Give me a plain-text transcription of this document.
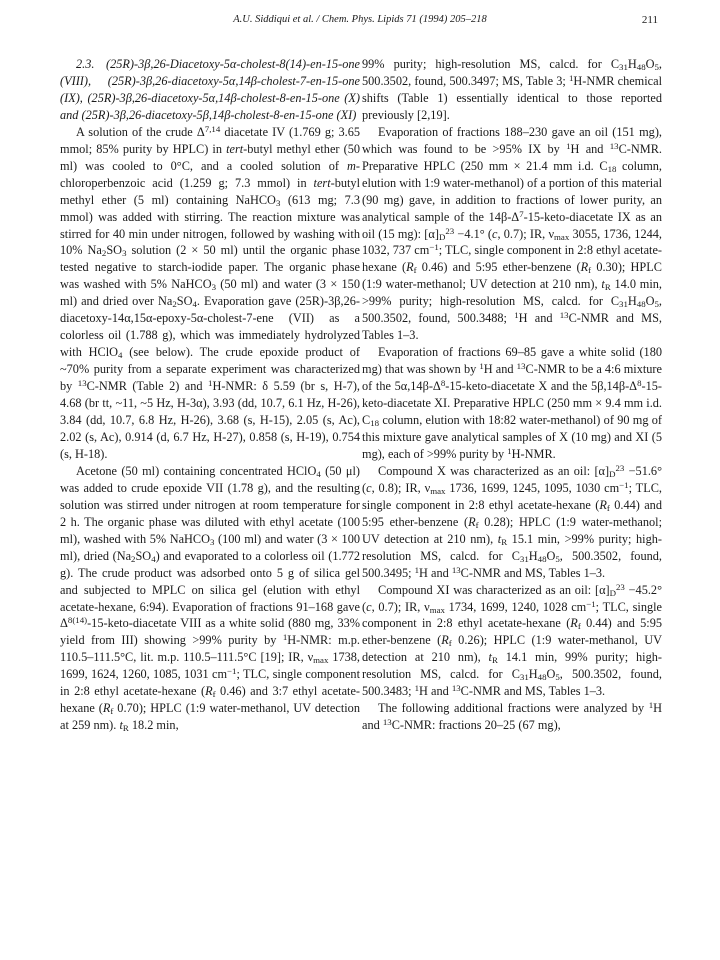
A.U. Siddiqui et al. / Chem. Phys. Lipids 71 (1994) 205–218	211

2.3. (25R)-3β,26-Diacetoxy-5α-cholest-8(14)-en-15-one (VIII), (25R)-3β,26-diacetoxy-5α,14β-cholest-7-en-15-one (IX), (25R)-3β,26-diacetoxy-5α,14β-cholest-8-en-15-one (X) and (25R)-3β,26-diacetoxy-5β,14β-cholest-8-en-15-one (XI)

A solution of the crude Δ$^{7,14}$ diacetate IV (1.769 g; 3.65 mmol; 85% purity by HPLC) in tert-butyl methyl ether (50 ml) was cooled to 0°C, and a cooled solution of m-chloroperbenzoic acid (1.259 g; 7.3 mmol) in tert-butyl methyl ether (5 ml) containing NaHCO$_3$ (613 mg; 7.3 mmol) was added with stirring. The reaction mixture was stirred for 40 min under nitrogen, followed by washing with 10% $Na_2SO_3$ solution (2 × 50 ml) until the organic phase tested negative to starch-iodide paper. The organic phase was washed with 5% NaHCO$_3$ (50 ml) and water (3 × 150 ml) and dried over $Na_2SO_4$. Evaporation gave (25R)-3β,26-diacetoxy-14α,15α-epoxy-5α-cholest-7-ene (VII) as a colorless oil (1.788 g), which was immediately hydrolyzed with HClO$_4$ (see below). The crude epoxide product of ~70% purity from a separate experiment was characterized by $^{13}$C-NMR (Table 2) and $^1$H-NMR: δ 5.59 (br s, H-7), 4.68 (br tt, ~11, ~5 Hz, H-3α), 3.93 (dd, 10.7, 6.1 Hz, H-26), 3.84 (dd, 10.7, 6.8 Hz, H-26), 3.68 (s, H-15), 2.05 (s, Ac), 2.02 (s, Ac), 0.914 (d, 6.7 Hz, H-27), 0.858 (s, H-19), 0.754 (s, H-18).

Acetone (50 ml) containing concentrated HClO$_4$ (50 μl) was added to crude epoxide VII (1.78 g), and the resulting solution was stirred under nitrogen at room temperature for 2 h. The organic phase was diluted with ethyl acetate (100 ml), washed with 5% NaHCO$_3$ (100 ml) and water (3 × 100 ml), dried $(Na_2SO_4)$ and evaporated to a colorless oil (1.772 g). The crude product was adsorbed onto 5 g of silica gel and subjected to MPLC on silica gel (elution with ethyl acetate-hexane, 6:94). Evaporation of fractions 91–168 gave $\Delta^{8(14)}-15-keto$-diacetate VIII as a white solid (880 mg, 33% yield from III) showing >99% purity by $^1$H-NMR: m.p. 110.5–111.5°C, lit. m.p. 110.5–111.5°C [19]; IR, $\nu_{max}$ 1738, 1699, 1624, 1260, 1085, 1031 $cm^{-1}$; TLC, single component in 2:8 ethyl acetate-hexane ($R_f$ 0.46) and 3:7 ethyl acetate-hexane ($R_f$ 0.70); HPLC (1:9 water-methanol, UV detection at 259 nm). $t_R$ 18.2 min,

99% purity; high-resolution MS, calcd. for $C_{31}H_{48}O_5$, 500.3502, found, 500.3497; MS, Table 3; $^1$H-NMR chemical shifts (Table 1) essentially identical to those reported previously [2,19].

Evaporation of fractions 188–230 gave an oil (151 mg), which was found to be >95% IX by $^1$H and $^{13}$C-NMR. Preparative HPLC (250 mm × 21.4 mm i.d. $C_{18}$ column, elution with 1:9 water-methanol) of a portion of this material (90 mg) gave, in addition to fractions of lower purity, an analytical sample of the $14\beta-\Delta^7-15-keto$-diacetate IX as an oil (15 mg): $[\alpha]_D^{23} -4.1^\circ$ (c, 0.7); IR, $\nu_{max}$ 3055, 1736, 1244, 1032, 737 $cm^{-1}$; TLC, single component in 2:8 ethyl acetate-hexane ($R_f$ 0.46) and 5:95 ether-benzene ($R_f$ 0.30); HPLC (1:9 water-methanol; UV detection at 210 nm), $t_R$ 14.0 min, >99% purity; high-resolution MS, calcd. for $C_{31}H_{48}O_5$, 500.3502, found, 500.3488; $^1$H and $^{13}$C-NMR and MS, Tables 1–3.

Evaporation of fractions 69–85 gave a white solid (180 mg) that was shown by $^1$H and $^{13}$C-NMR to be a 4:6 mixture of the $5\alpha,14\beta-\Delta^8-15-keto$-diacetate X and the $5\beta,14\beta-\Delta^8-15-keto$-diacetate XI. Preparative HPLC (250 mm × 9.4 mm i.d. $C_{18}$ column, elution with 18:82 water-methanol) of 90 mg of this mixture gave analytical samples of X (10 mg) and XI (5 mg), each of >99% purity by $^1$H-NMR.

Compound X was characterized as an oil: $[\alpha]_D^{23} -51.6^\circ$ (c, 0.8); IR, $\nu_{max}$ 1736, 1699, 1245, 1095, 1030 $cm^{-1}$; TLC, single component in 2:8 ethyl acetate-hexane ($R_f$ 0.44) and 5:95 ether-benzene ($R_f$ 0.28); HPLC (1:9 water-methanol; UV detection at 210 nm), $t_R$ 15.1 min, >99% purity; high-resolution MS, calcd. for $C_{31}H_{48}O_5$, 500.3502, found, 500.3495; $^1$H and $^{13}$C-NMR and MS, Tables 1–3.

Compound XI was characterized as an oil: $[\alpha]_D^{23} -45.2^\circ$ (c, 0.7); IR, $\nu_{max}$ 1734, 1699, 1240, 1028 $cm^{-1}$; TLC, single component in 2:8 ethyl acetate-hexane ($R_f$ 0.44) and 5:95 ether-benzene ($R_f$ 0.26); HPLC (1:9 water-methanol, UV detection at 210 nm), $t_R$ 14.1 min, 99% purity; high-resolution MS, calcd. for $C_{31}H_{48}O_5$, 500.3502, found, 500.3483; $^1$H and $^{13}$C-NMR and MS, Tables 1–3.

The following additional fractions were analyzed by $^1$H and $^{13}$C-NMR: fractions 20–25 (67 mg),
